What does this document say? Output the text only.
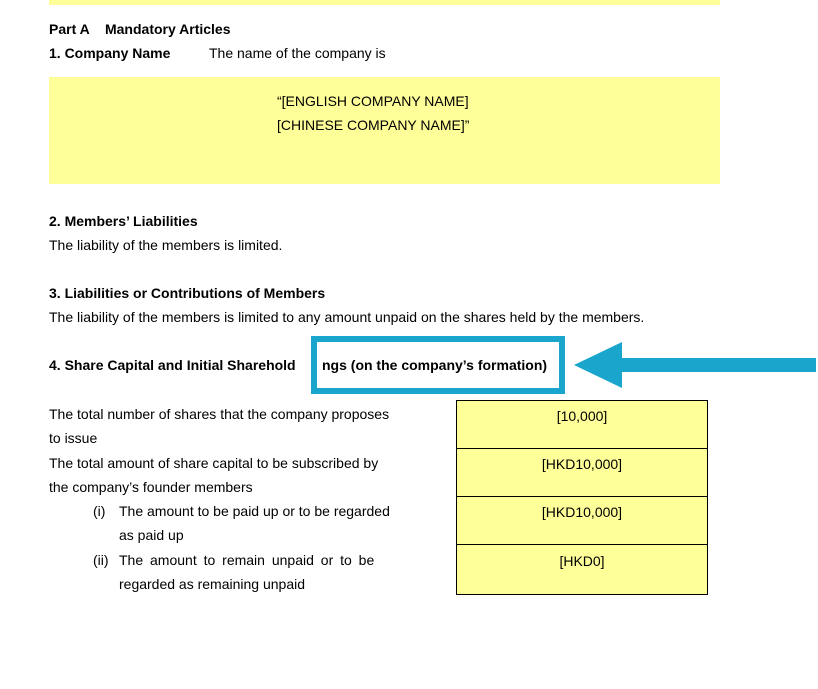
Part A Mandatory Articles
1. Company Name	The name of the company is
“[ENGLISH COMPANY NAME]
[CHINESE COMPANY NAME]”
2. Members’ Liabilities
The liability of the members is limited.
3. Liabilities or Contributions of Members
The liability of the members is limited to any amount unpaid on the shares held by the members.
4. Share Capital and Initial Sharehold ngs (on the company’s formation)
The total number of shares that the company proposes
to issue
The total amount of share capital to be subscribed by
the company’s founder members
(i) The amount to be paid up or to be regarded
as paid up
(ii) The amount to remain unpaid or to be
regarded as remaining unpaid
[10,000]
[HKD10,000]
[HKD10,000]
[HKD0]
